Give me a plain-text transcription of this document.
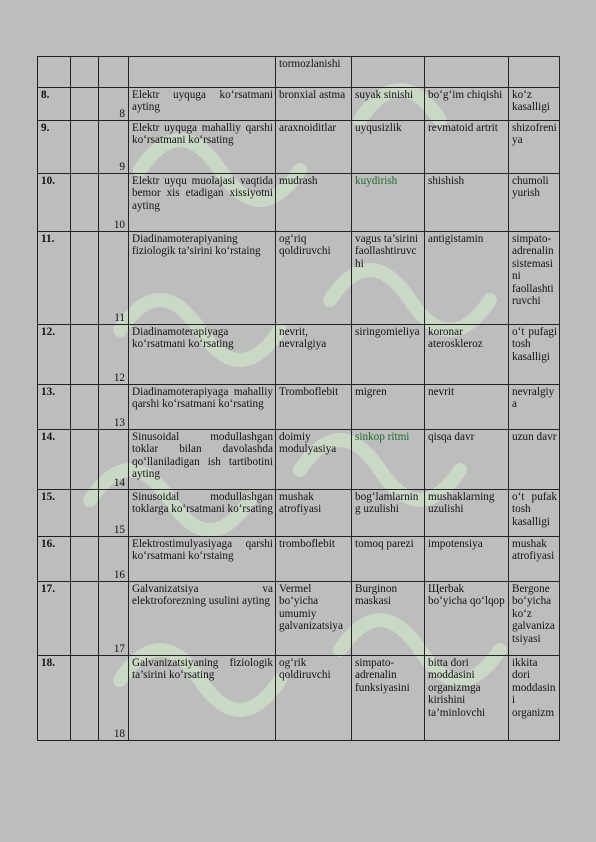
				tormozlanishi			
8.		8	Elektr uyquga ko‘rsatmani ayting	bronxial astma	suyak sinishi	bo‘g‘im chiqishi	ko‘z kasalligi
9.		9	Elektr uyquga mahalliy qarshi ko‘rsatmani ko‘rsating	araxnoiditlar	uyqusizlik	revmatoid artrit	shizofreniya
10.		10	Elektr uyqu muolajasi vaqtida bemor xis etadigan xissiyotni ayting	mudrash	kuydirish	shishish	chumoli yurish
11.		11	Diadinamoterapiyaning fiziologik ta’sirini ko‘rstaing	og‘riq qoldiruvchi	vagus ta’sirini faollashtiruvchi	antigistamin	simpato-adrenalin sistemasini faollashtiruvchi
12.		12	Diadinamoterapiyaga ko‘rsatmani ko‘rsating	nevrit, nevralgiya	siringomieliya	koronar ateroskleroz	o‘t pufagi tosh kasalligi
13.		13	Diadinamoterapiyaga mahalliy qarshi ko‘rsatmani ko‘rsating	Tromboflebit	migren	nevrit	nevralgiya
14.		14	Sinusoidal modullashgan toklar bilan davolashda qo‘llaniladigan ish tartibotini ayting	doimiy modulyasiya	sinkop ritmi	qisqa davr	uzun davr
15.		15	Sinusoidal modullashgan toklarga ko‘rsatmani ko‘rsating	mushak atrofiyasi	bog‘lamlarning uzulishi	mushaklarning uzulishi	o‘t pufak tosh kasalligi
16.		16	Elektrostimulyasiyaga qarshi ko‘rsatmani ko‘rstaing	tromboflebit	tomoq parezi	impotensiya	mushak atrofiyasi
17.		17	Galvanizatsiya va elektroforezning usulini ayting	Vermel bo‘yicha umumiy galvanizatsiya	Burginon maskasi	Щerbak bo‘yicha qo‘lqop	Bergone bo‘yicha ko‘z galvanizatsiyasi
18.		18	Galvanizatsiyaning fiziologik ta’sirini ko‘rsating	og‘rik qoldiruvchi	simpato-adrenalin funksiyasini	bitta dori moddasini organizmga kirishini ta’minlovchi	ikkita dori moddasini organizm
